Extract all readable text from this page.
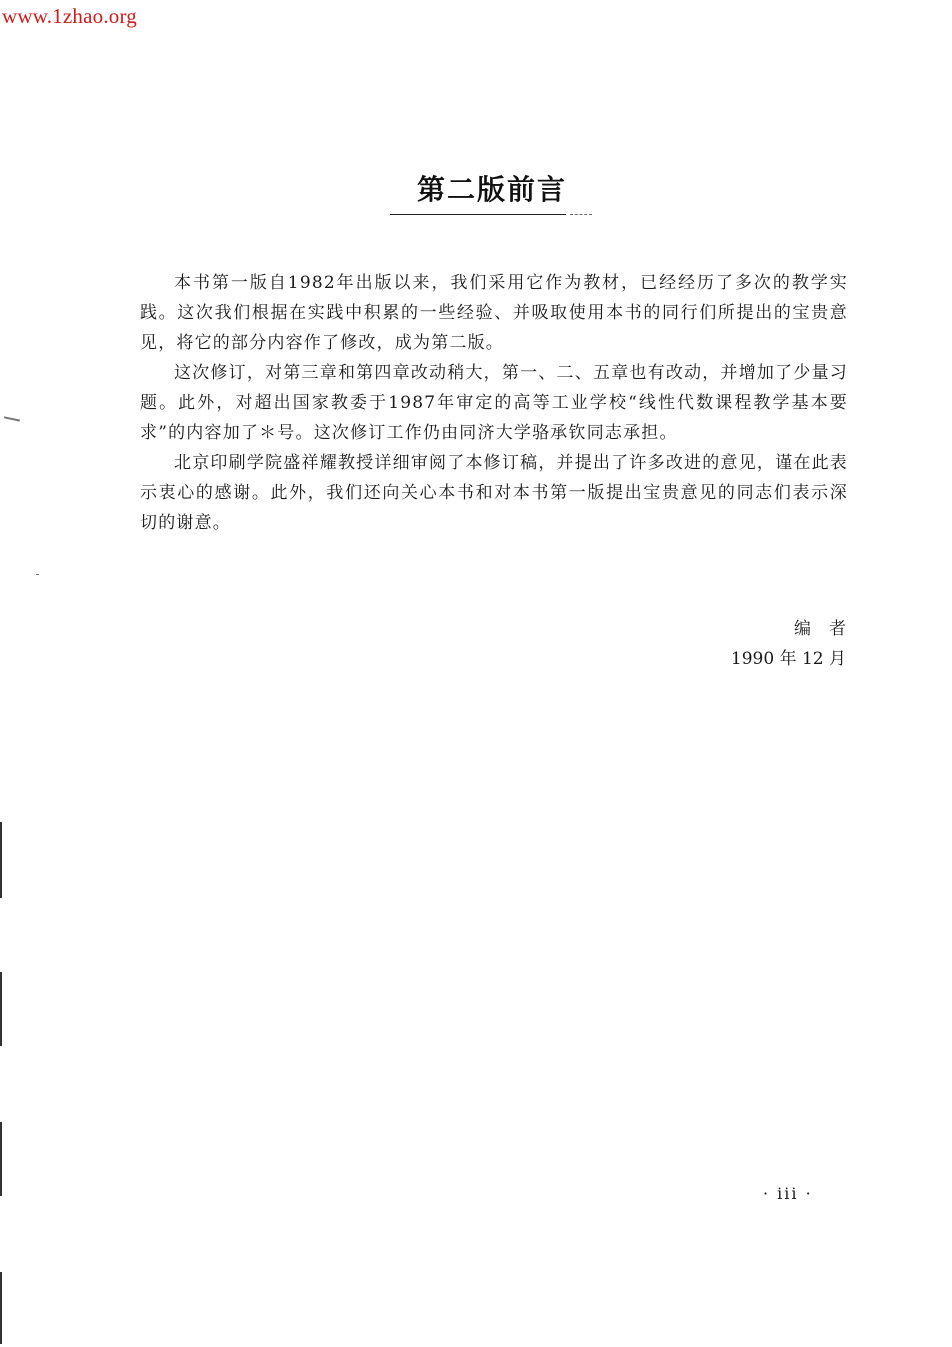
www.1zhao.org
第二版前言

本书第一版自1982年出版以来，我们采用它作为教材，已经经历了多次的教学实践。这次我们根据在实践中积累的一些经验、并吸取使用本书的同行们所提出的宝贵意见，将它的部分内容作了修改，成为第二版。

这次修订，对第三章和第四章改动稍大，第一、二、五章也有改动，并增加了少量习题。此外，对超出国家教委于1987年审定的高等工业学校“线性代数课程教学基本要求”的内容加了＊号。这次修订工作仍由同济大学骆承钦同志承担。

北京印刷学院盛祥耀教授详细审阅了本修订稿，并提出了许多改进的意见，谨在此表示衷心的感谢。此外，我们还向关心本书和对本书第一版提出宝贵意见的同志们表示深切的谢意。

编者
1990 年 12 月
· iii ·
